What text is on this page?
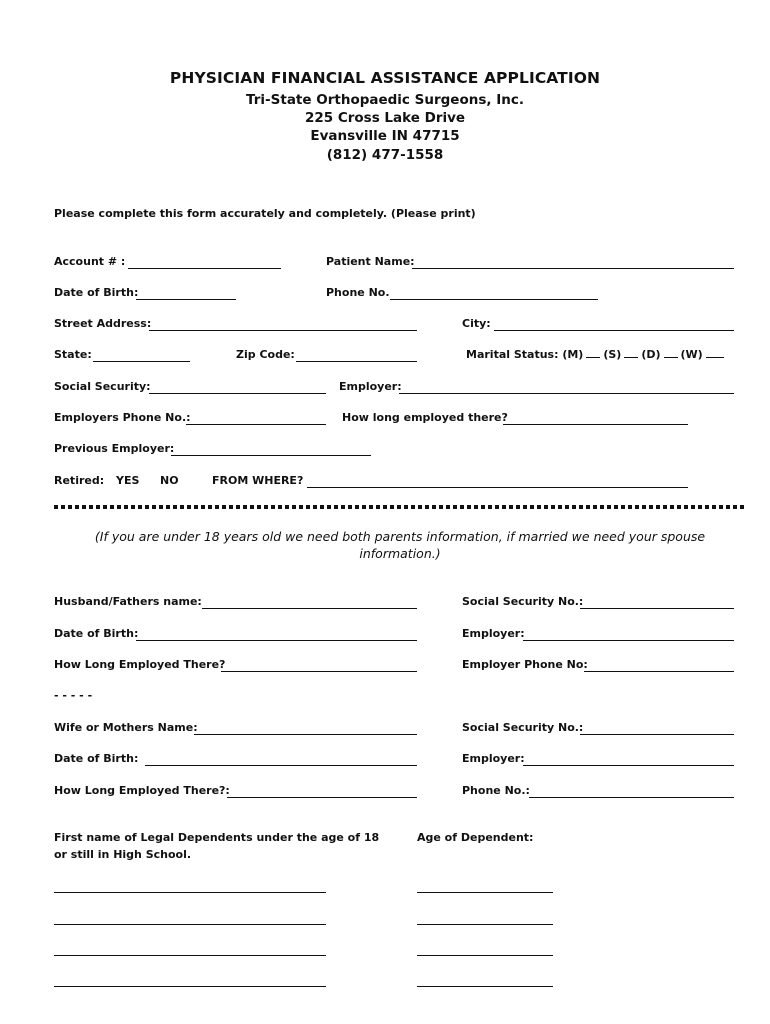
PHYSICIAN FINANCIAL ASSISTANCE APPLICATION
Tri-State Orthopaedic Surgeons, Inc.
225 Cross Lake Drive
Evansville IN 47715
(812) 477-1558
Please complete this form accurately and completely. (Please print)
Account # :	Patient Name:
Date of Birth:	Phone No.
Street Address:	City:
State:	Zip Code:	Marital Status: (M) (S) (D) (W)
Social Security:	Employer:
Employers Phone No.:	How long employed there?
Previous Employer:
Retired: YES NO	FROM WHERE?
(If you are under 18 years old we need both parents information, if married we need your spouse information.)
Husband/Fathers name:	Social Security No.:
Date of Birth:	Employer:
How Long Employed There?	Employer Phone No:
- - - - -
Wife or Mothers Name:	Social Security No.:
Date of Birth:	Employer:
How Long Employed There?:	Phone No.:
First name of Legal Dependents under the age of 18
or still in High School.
Age of Dependent:
